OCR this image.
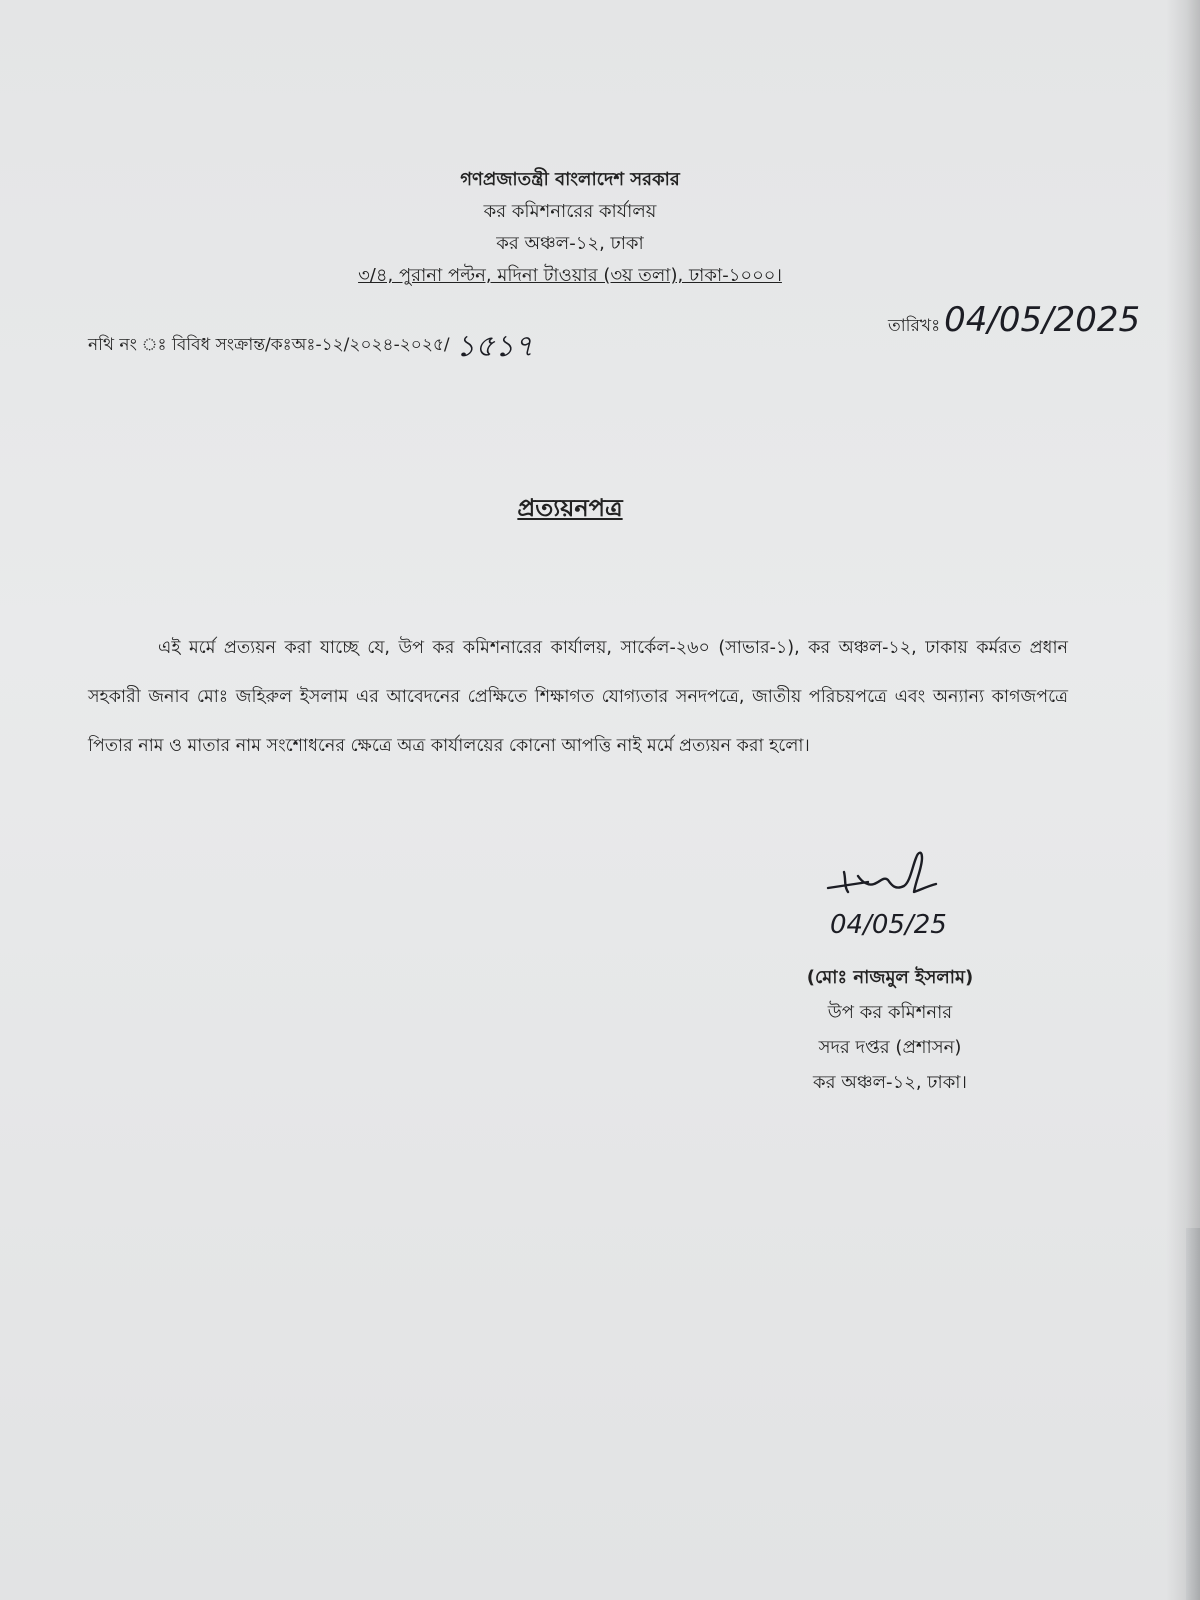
গণপ্রজাতন্ত্রী বাংলাদেশ সরকার
কর কমিশনারের কার্যালয়
কর অঞ্চল-১২, ঢাকা
৩/৪, পুরানা পল্টন, মদিনা টাওয়ার (৩য় তলা), ঢাকা-১০০০।
নথি নং ঃ বিবিধ সংক্রান্ত/কঃঅঃ-১২/২০২৪-২০২৫/ ১৫১৭
তারিখঃ 04/05/2025
প্রত্যয়নপত্র
এই মর্মে প্রত্যয়ন করা যাচ্ছে যে, উপ কর কমিশনারের কার্যালয়, সার্কেল-২৬০ (সাভার-১), কর অঞ্চল-১২, ঢাকায় কর্মরত প্রধান সহকারী জনাব মোঃ জহিরুল ইসলাম এর আবেদনের প্রেক্ষিতে শিক্ষাগত যোগ্যতার সনদপত্রে, জাতীয় পরিচয়পত্রে এবং অন্যান্য কাগজপত্রে পিতার নাম ও মাতার নাম সংশোধনের ক্ষেত্রে অত্র কার্যালয়ের কোনো আপত্তি নাই মর্মে প্রত্যয়ন করা হলো।
04/05/25
(মোঃ নাজমুল ইসলাম)
উপ কর কমিশনার
সদর দপ্তর (প্রশাসন)
কর অঞ্চল-১২, ঢাকা।
